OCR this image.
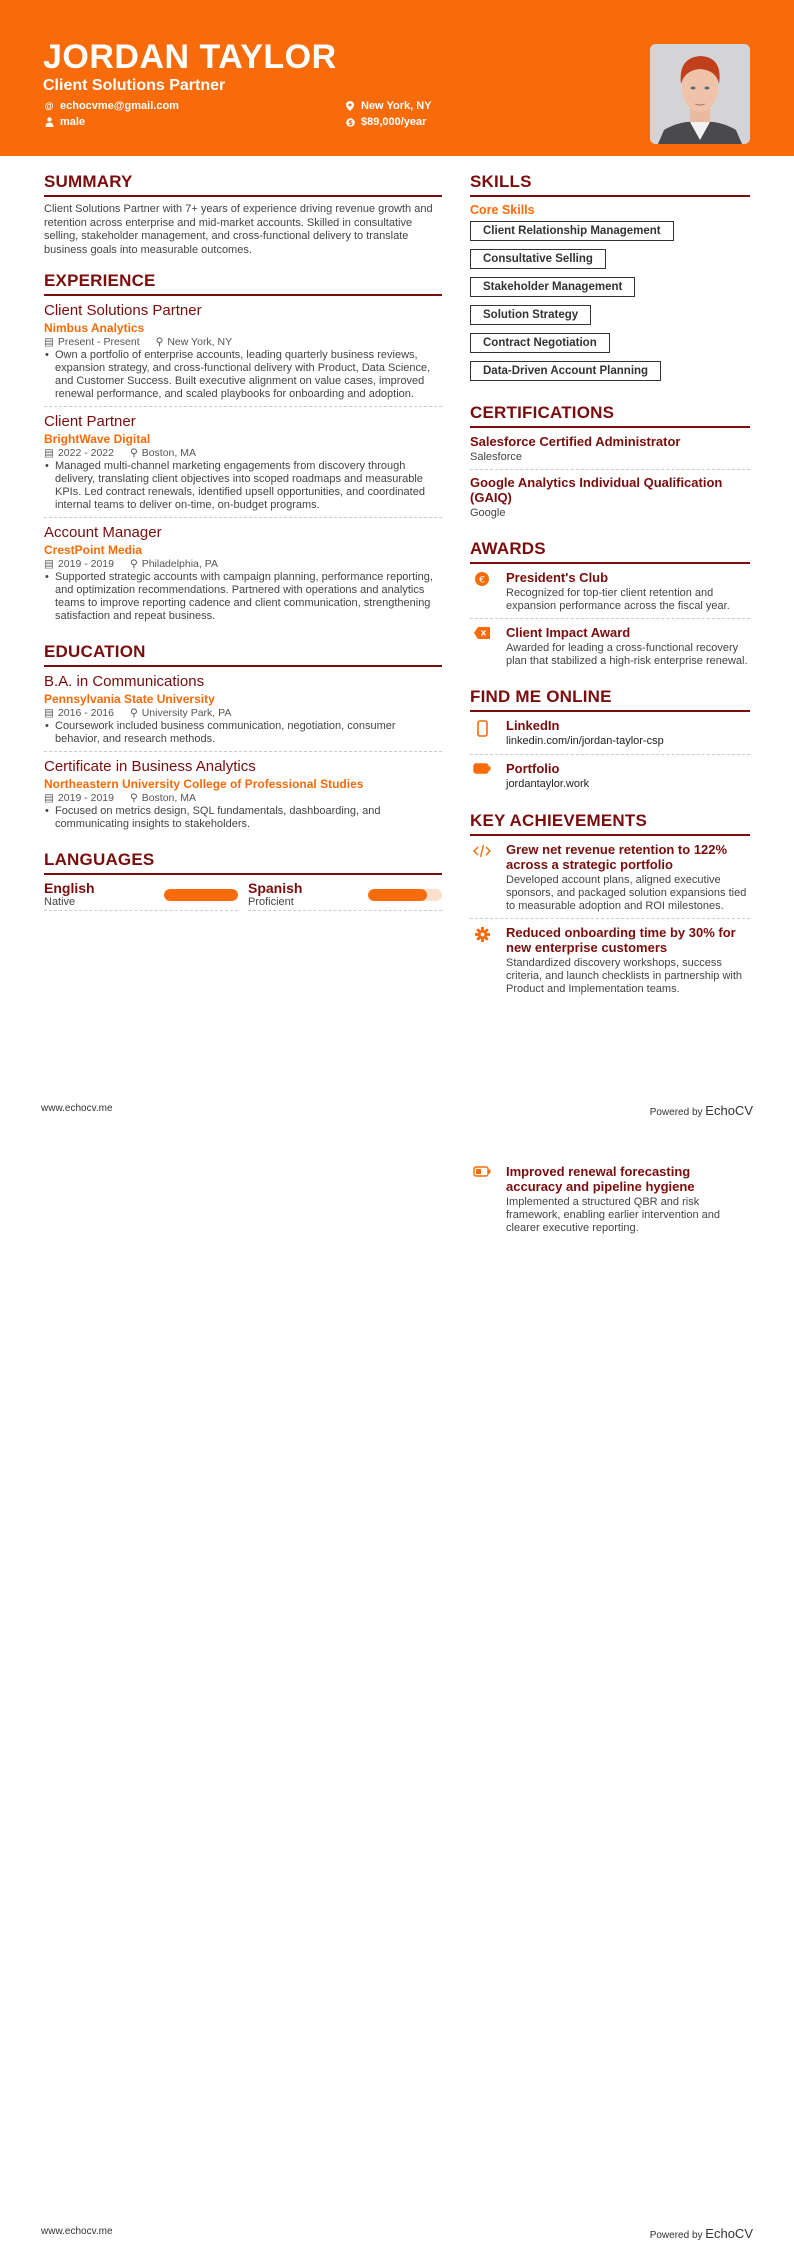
JORDAN TAYLOR
Client Solutions Partner
@ echocvme@gmail.com
male
New York, NY
$ $89,000/year
SUMMARY
Client Solutions Partner with 7+ years of experience driving revenue growth and retention across enterprise and mid-market accounts. Skilled in consultative selling, stakeholder management, and cross-functional delivery to translate business goals into measurable outcomes.
EXPERIENCE
Client Solutions Partner
Nimbus Analytics
▤ Present - Present ⚲ New York, NY
• Own a portfolio of enterprise accounts, leading quarterly business reviews, expansion strategy, and cross-functional delivery with Product, Data Science, and Customer Success. Built executive alignment on value cases, improved renewal performance, and scaled playbooks for onboarding and adoption.
Client Partner
BrightWave Digital
▤ 2022 - 2022 ⚲ Boston, MA
• Managed multi-channel marketing engagements from discovery through delivery, translating client objectives into scoped roadmaps and measurable KPIs. Led contract renewals, identified upsell opportunities, and coordinated internal teams to deliver on-time, on-budget programs.
Account Manager
CrestPoint Media
▤ 2019 - 2019 ⚲ Philadelphia, PA
• Supported strategic accounts with campaign planning, performance reporting, and optimization recommendations. Partnered with operations and analytics teams to improve reporting cadence and client communication, strengthening satisfaction and repeat business.
EDUCATION
B.A. in Communications
Pennsylvania State University
▤ 2016 - 2016 ⚲ University Park, PA
• Coursework included business communication, negotiation, consumer behavior, and research methods.
Certificate in Business Analytics
Northeastern University College of Professional Studies
▤ 2019 - 2019 ⚲ Boston, MA
• Focused on metrics design, SQL fundamentals, dashboarding, and communicating insights to stakeholders.
LANGUAGES
English
Native
Spanish
Proficient
SKILLS
Core Skills
Client Relationship Management
Consultative Selling
Stakeholder Management
Solution Strategy
Contract Negotiation
Data-Driven Account Planning
CERTIFICATIONS
Salesforce Certified Administrator
Salesforce
Google Analytics Individual Qualification (GAIQ)
Google
AWARDS
€ President's Club
Recognized for top-tier client retention and expansion performance across the fiscal year.
Client Impact Award
Awarded for leading a cross-functional recovery plan that stabilized a high-risk enterprise renewal.
FIND ME ONLINE
LinkedIn
linkedin.com/in/jordan-taylor-csp
Portfolio
jordantaylor.work
KEY ACHIEVEMENTS
Grew net revenue retention to 122% across a strategic portfolio
Developed account plans, aligned executive sponsors, and packaged solution expansions tied to measurable adoption and ROI milestones.
Reduced onboarding time by 30% for new enterprise customers
Standardized discovery workshops, success criteria, and launch checklists in partnership with Product and Implementation teams.
www.echocv.me	Powered by EchoCV
Improved renewal forecasting accuracy and pipeline hygiene
Implemented a structured QBR and risk framework, enabling earlier intervention and clearer executive reporting.
www.echocv.me	Powered by EchoCV
